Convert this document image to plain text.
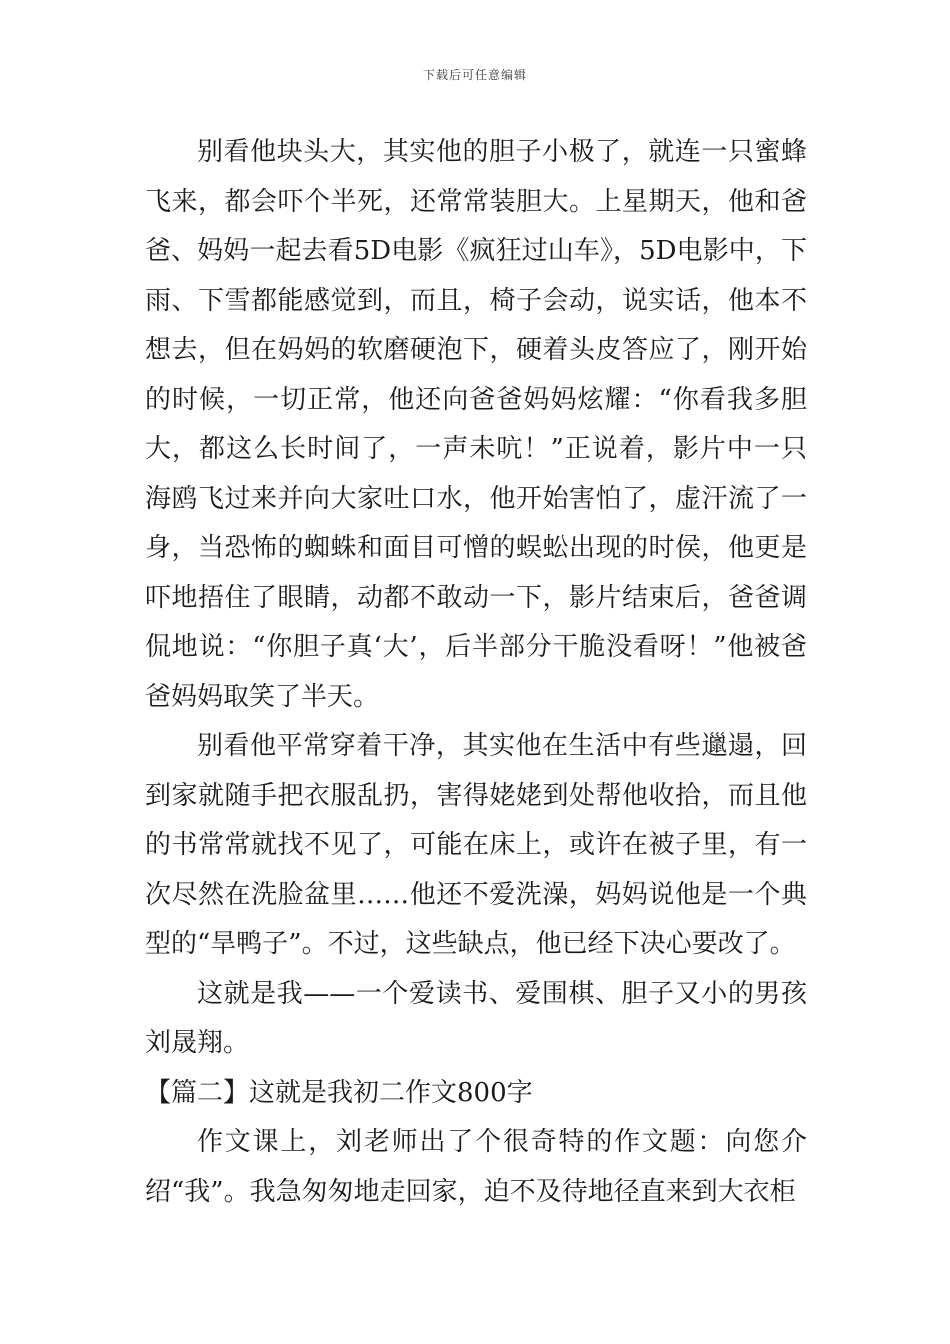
下载后可任意编辑

别看他块头大，其实他的胆子小极了，就连一只蜜蜂飞来，都会吓个半死，还常常装胆大。上星期天，他和爸爸、妈妈一起去看5D电影《疯狂过山车》，5D电影中，下雨、下雪都能感觉到，而且，椅子会动，说实话，他本不想去，但在妈妈的软磨硬泡下，硬着头皮答应了，刚开始的时候，一切正常，他还向爸爸妈妈炫耀：“你看我多胆大，都这么长时间了，一声未吭！”正说着，影片中一只海鸥飞过来并向大家吐口水，他开始害怕了，虚汗流了一身，当恐怖的蜘蛛和面目可憎的蜈蚣出现的时侯，他更是吓地捂住了眼睛，动都不敢动一下，影片结束后，爸爸调侃地说：“你胆子真‘大’，后半部分干脆没看呀！”他被爸爸妈妈取笑了半天。

别看他平常穿着干净，其实他在生活中有些邋遢，回到家就随手把衣服乱扔，害得姥姥到处帮他收拾，而且他的书常常就找不见了，可能在床上，或许在被子里，有一次尽然在洗脸盆里……他还不爱洗澡，妈妈说他是一个典型的“旱鸭子”。不过，这些缺点，他已经下决心要改了。

这就是我——一个爱读书、爱围棋、胆子又小的男孩刘晟翔。

【篇二】这就是我初二作文800字

作文课上，刘老师出了个很奇特的作文题：向您介绍“我”。我急匆匆地走回家，迫不及待地径直来到大衣柜
